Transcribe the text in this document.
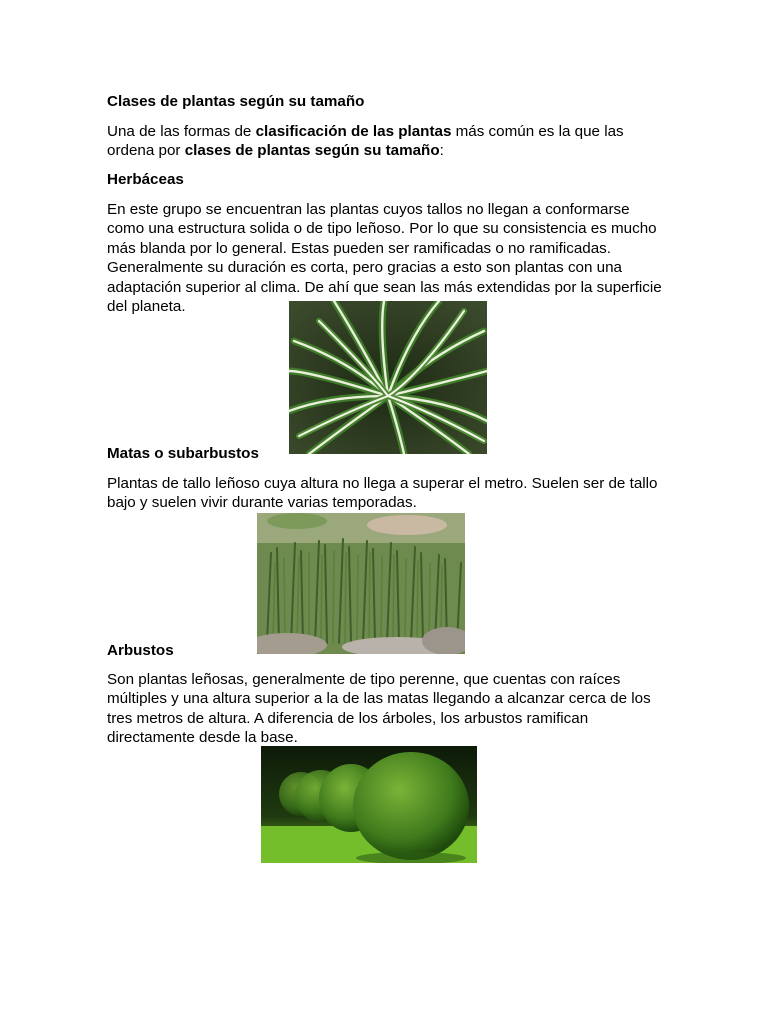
Clases de plantas según su tamaño

Una de las formas de clasificación de las plantas más común es la que las ordena por clases de plantas según su tamaño:

Herbáceas

En este grupo se encuentran las plantas cuyos tallos no llegan a conformarse como una estructura solida o de tipo leñoso. Por lo que su consistencia es mucho más blanda por lo general. Estas pueden ser ramificadas o no ramificadas. Generalmente su duración es corta, pero gracias a esto son plantas con una adaptación superior al clima. De ahí que sean las más extendidas por la superficie del planeta.

Matas o subarbustos

Plantas de tallo leñoso cuya altura no llega a superar el metro. Suelen ser de tallo bajo y suelen vivir durante varias temporadas.

Arbustos

Son plantas leñosas, generalmente de tipo perenne, que cuentas con raíces múltiples y una altura superior a la de las matas llegando a alcanzar cerca de los tres metros de altura. A diferencia de los árboles, los arbustos ramifican directamente desde la base.
